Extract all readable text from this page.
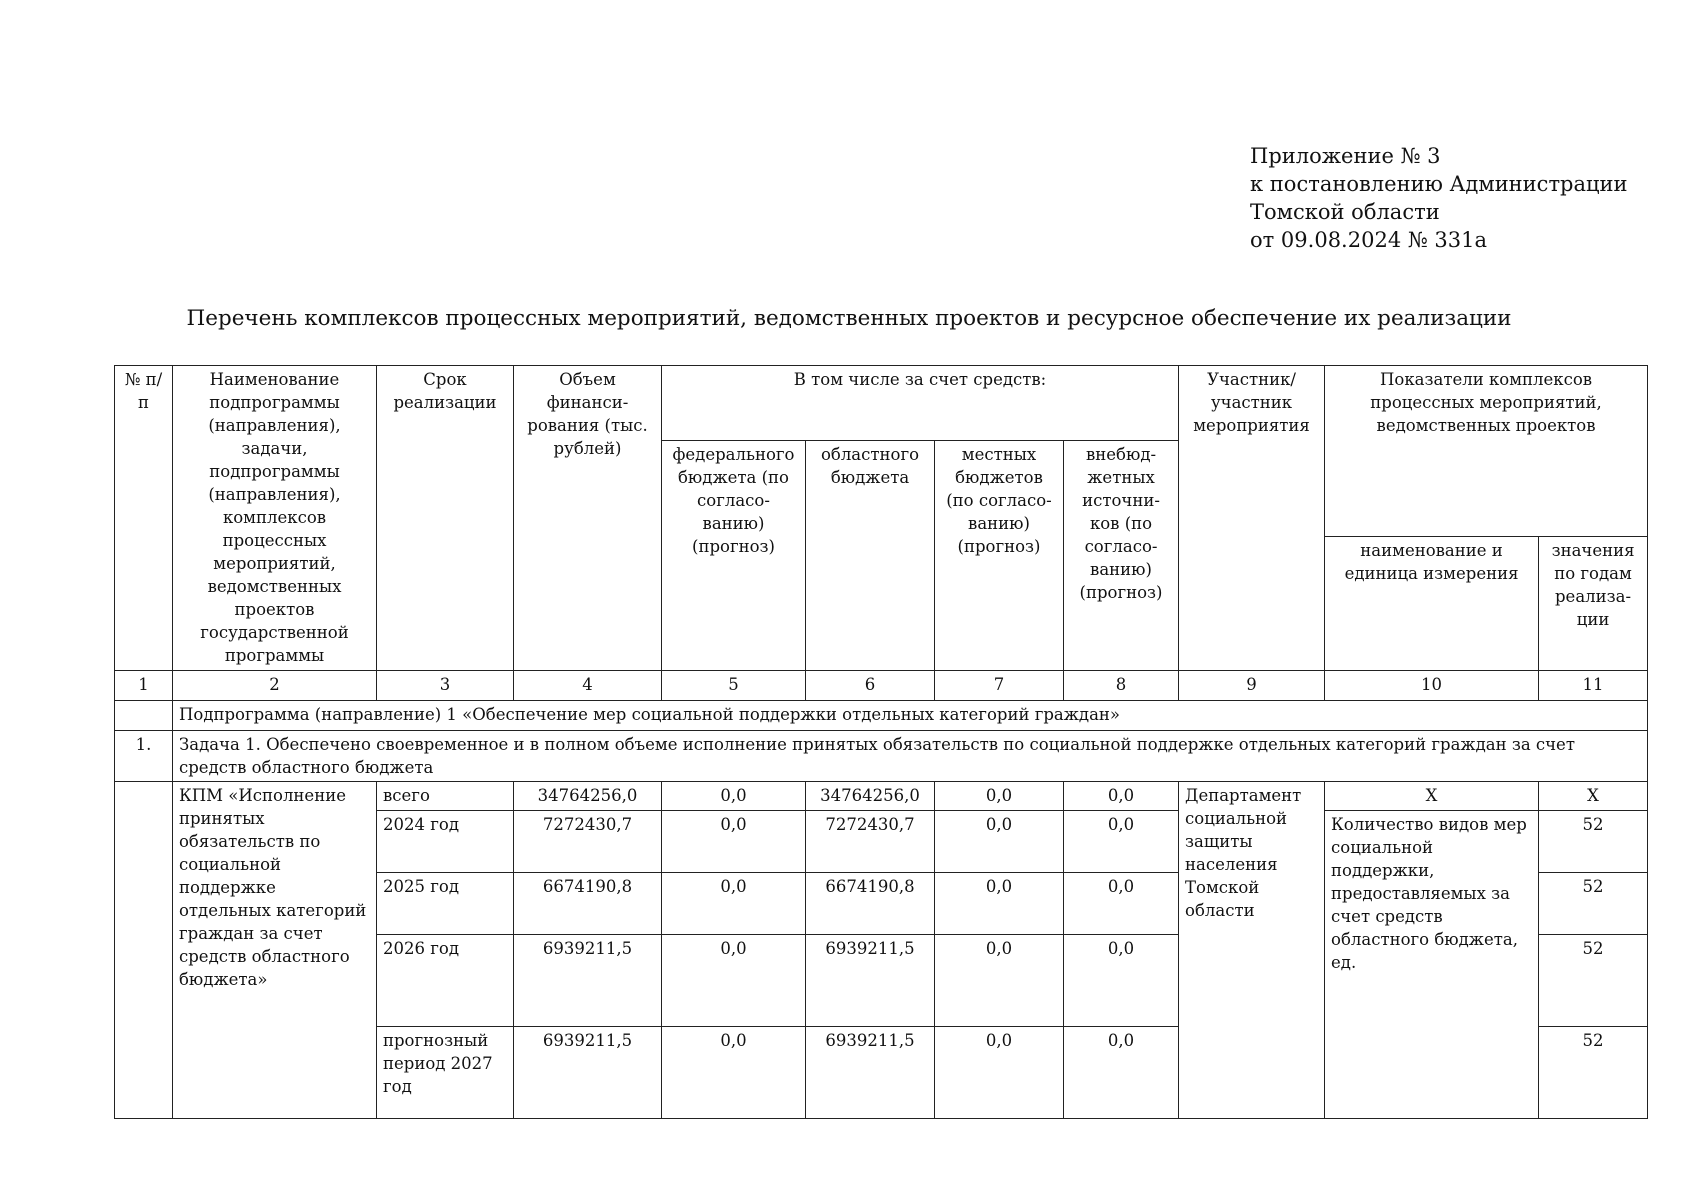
Приложение № 3
к постановлению Администрации
Томской области
от 09.08.2024 № 331а
Перечень комплексов процессных мероприятий, ведомственных проектов и ресурсное обеспечение их реализации
№ п/п	Наименование подпрограммы (направления), задачи, подпрограммы (направления), комплексов процессных мероприятий, ведомственных проектов государственной программы	Срок реализации	Объем финанси-рования (тыс. рублей)	В том числе за счет средств:				Участник/ участник мероприятия	Показатели комплексов процессных мероприятий, ведомственных проектов	
				федерального бюджета (по согласо-ванию) (прогноз)	областного бюджета	местных бюджетов (по согласо-ванию) (прогноз)	внебюд-жетных источни-ков (по согласо-ванию) (прогноз)			
									наименование и единица измерения	значения по годам реализа-ции
1	2	3	4	5	6	7	8	9	10	11
	Подпрограмма (направление) 1 «Обеспечение мер социальной поддержки отдельных категорий граждан»									
1.	Задача 1. Обеспечено своевременное и в полном объеме исполнение принятых обязательств по социальной поддержке отдельных категорий граждан за счет средств областного бюджета									
	КПМ «Исполнение принятых обязательств по социальной поддержке отдельных категорий граждан за счет средств областного бюджета»	всего	34764256,0	0,0	34764256,0	0,0	0,0	Департамент социальной защиты населения Томской области	X	X
		2024 год	7272430,7	0,0	7272430,7	0,0	0,0		Количество видов мер социальной поддержки, предоставляемых за счет средств областного бюджета, ед.	52
		2025 год	6674190,8	0,0	6674190,8	0,0	0,0			52
		2026 год	6939211,5	0,0	6939211,5	0,0	0,0			52
		прогнозный период 2027 год	6939211,5	0,0	6939211,5	0,0	0,0			52
